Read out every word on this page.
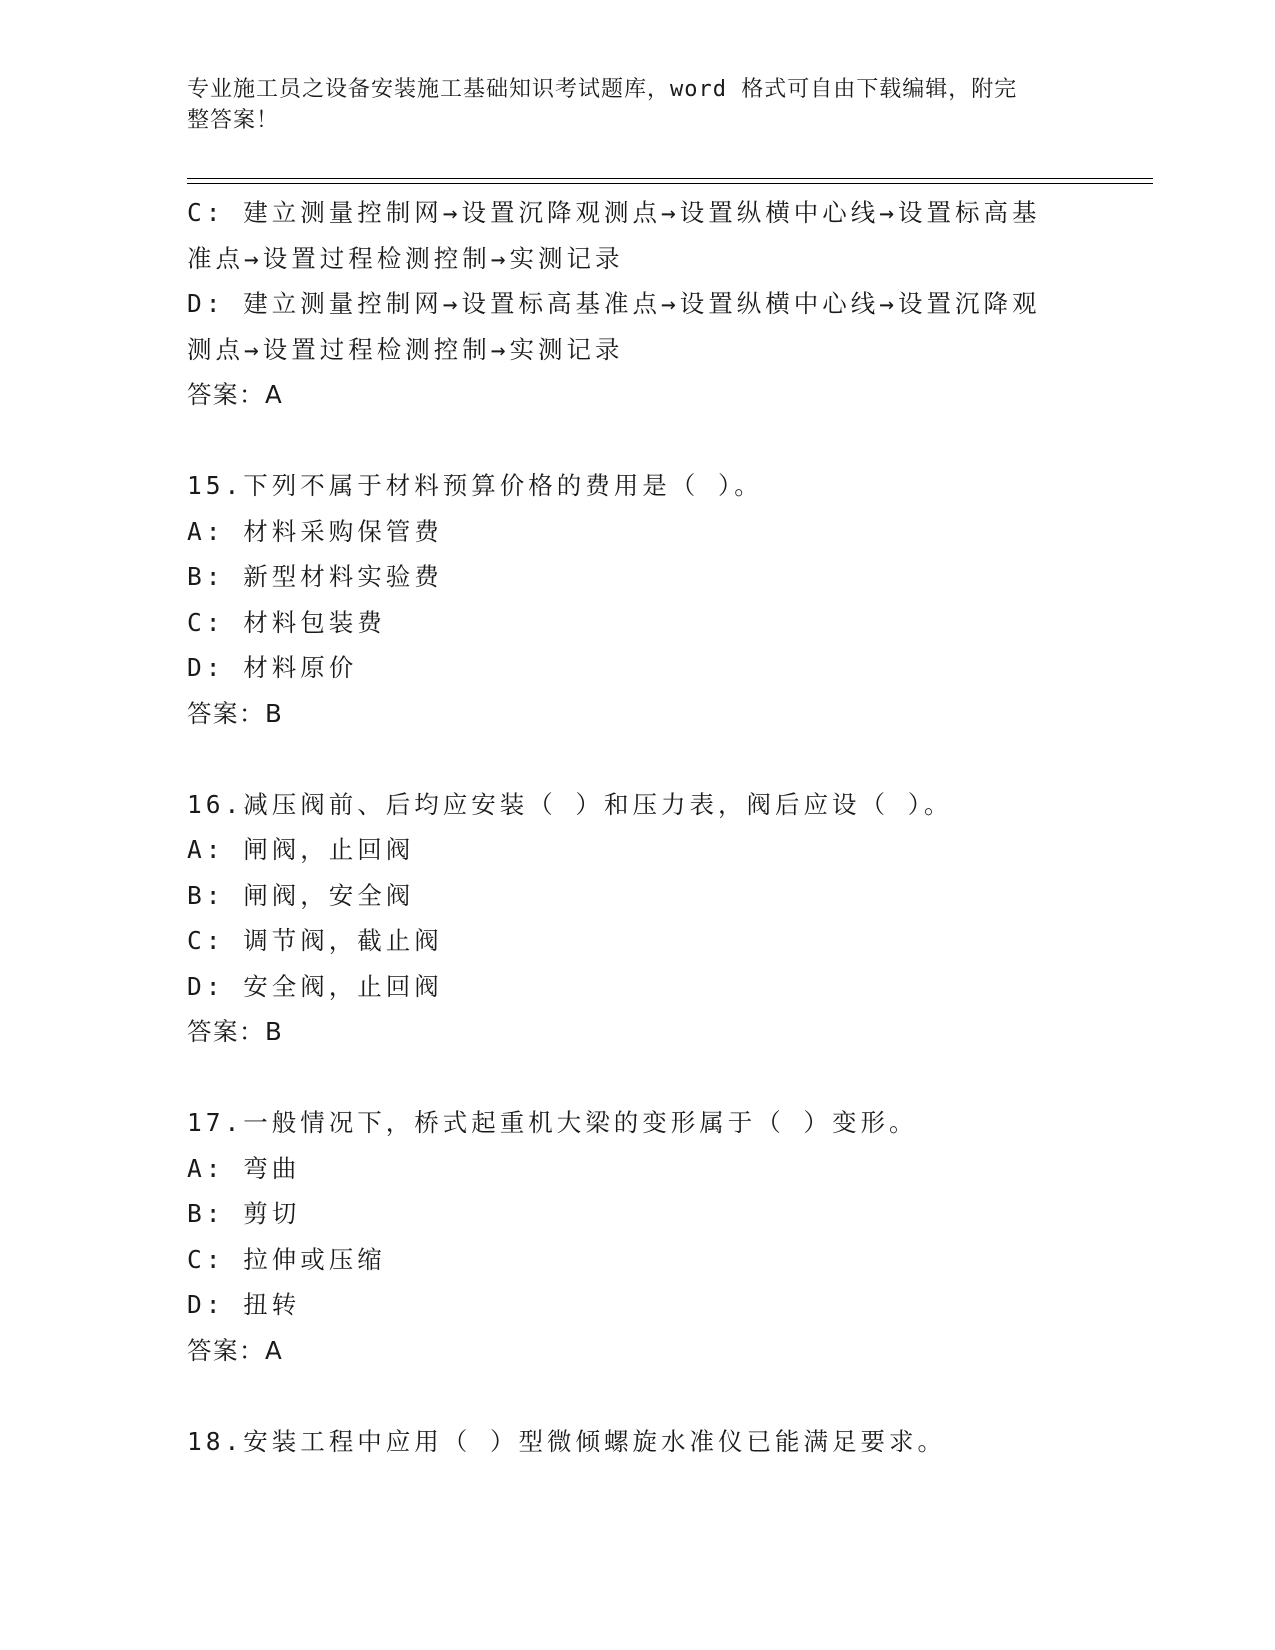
专业施工员之设备安装施工基础知识考试题库，word 格式可自由下载编辑，附完
整答案！
C: 建立测量控制网→设置沉降观测点→设置纵横中心线→设置标高基
准点→设置过程检测控制→实测记录
D: 建立测量控制网→设置标高基准点→设置纵横中心线→设置沉降观
测点→设置过程检测控制→实测记录
答案：A
15.下列不属于材料预算价格的费用是（ ）。
A: 材料采购保管费
B: 新型材料实验费
C: 材料包装费
D: 材料原价
答案：B
16.减压阀前、后均应安装（ ）和压力表，阀后应设（ ）。
A: 闸阀，止回阀
B: 闸阀，安全阀
C: 调节阀，截止阀
D: 安全阀，止回阀
答案：B
17.一般情况下，桥式起重机大梁的变形属于（ ）变形。
A: 弯曲
B: 剪切
C: 拉伸或压缩
D: 扭转
答案：A
18.安装工程中应用（ ）型微倾螺旋水准仪已能满足要求。
